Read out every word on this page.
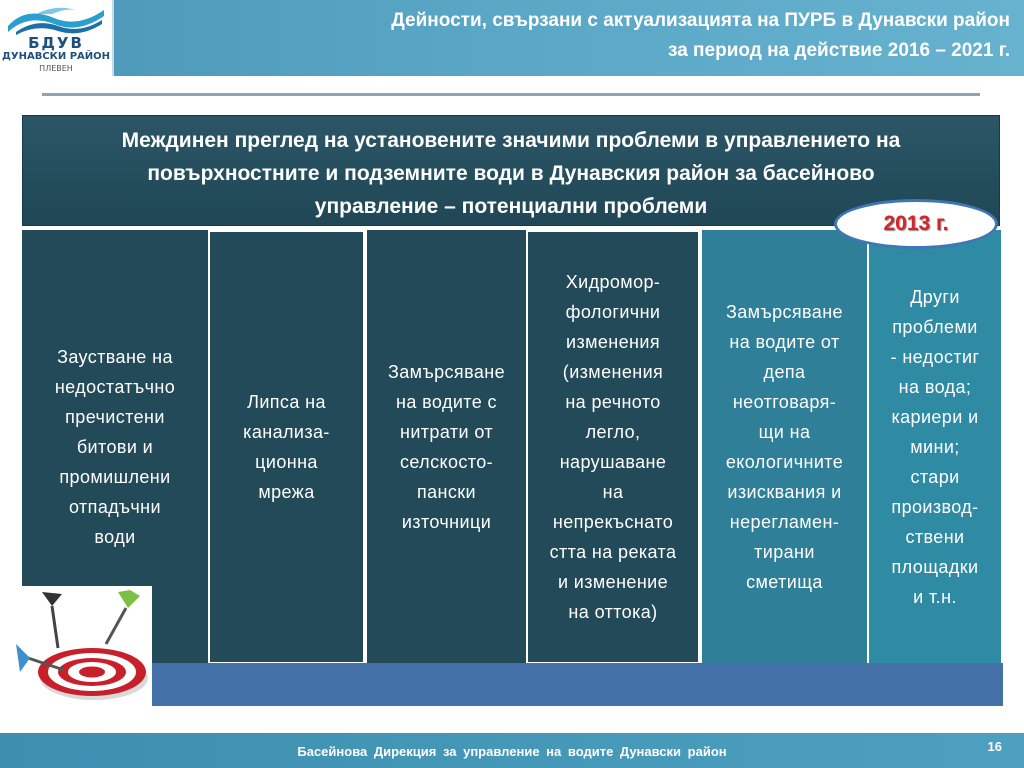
БДУВ
ДУНАВСКИ РАЙОН
ПЛЕВЕН
Дейности, свързани с актуализацията на ПУРБ в Дунавски район
за период на действие 2016 – 2021 г.
Междинен преглед на установените значими проблеми в управлението на
повърхностните и подземните води в Дунавския район за басейново
управление – потенциални проблеми
Заустване на
недостатъчно
пречистени
битови и
промишлени
отпадъчни
води
Липса на
канализа-
ционна
мрежа
Замърсяване
на водите с
нитрати от
селскосто-
пански
източници
Хидромор-
фологични
изменения
(изменения
на речното
легло,
нарушаване
на
непрекъснато
стта на реката
и изменение
на оттока)
Замърсяване
на водите от
депа
неотговаря-
щи на
екологичните
изисквания и
нерегламен-
тирани
сметища
Други
проблеми
- недостиг
на вода;
кариери и
мини;
стари
производ-
ствени
площадки
и т.н.
2013 г.
Басейнова Дирекция за управление на водите Дунавски район	16
